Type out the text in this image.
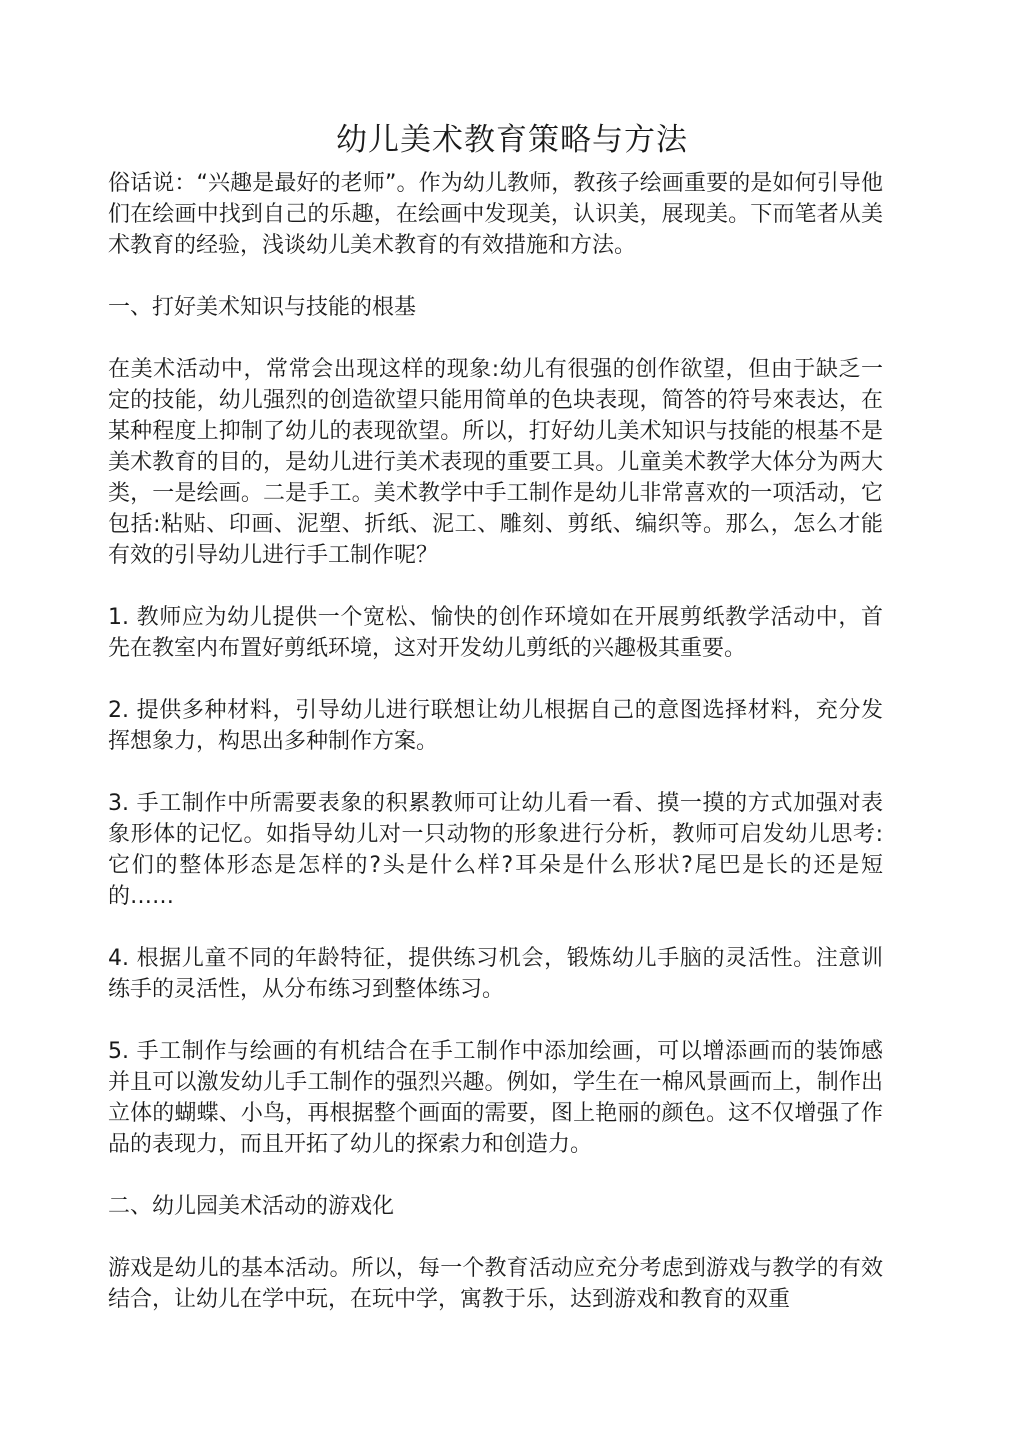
幼儿美术教育策略与方法

俗话说：“兴趣是最好的老师”。作为幼儿教师，教孩子绘画重要的是如何引导他们在绘画中找到自己的乐趣，在绘画中发现美，认识美，展现美。下而笔者从美术教育的经验，浅谈幼儿美术教育的有效措施和方法。

一、打好美术知识与技能的根基

在美术活动中，常常会出现这样的现象:幼儿有很强的创作欲望，但由于缺乏一定的技能，幼儿强烈的创造欲望只能用简单的色块表现，简答的符号來表达，在某种程度上抑制了幼儿的表现欲望。所以，打好幼儿美术知识与技能的根基不是美术教育的目的，是幼儿进行美术表现的重要工具。儿童美术教学大体分为两大类，一是绘画。二是手工。美术教学中手工制作是幼儿非常喜欢的一项活动，它包括:粘贴、印画、泥塑、折纸、泥工、雕刻、剪纸、编织等。那么，怎么才能有效的引导幼儿进行手工制作呢？

1. 教师应为幼儿提供一个宽松、愉快的创作环境如在开展剪纸教学活动中，首先在教室内布置好剪纸环境，这对开发幼儿剪纸的兴趣极其重要。

2. 提供多种材料，引导幼儿进行联想让幼儿根据自己的意图选择材料，充分发挥想象力，构思出多种制作方案。

3. 手工制作中所需要表象的积累教师可让幼儿看一看、摸一摸的方式加强对表象形体的记忆。如指导幼儿对一只动物的形象进行分析，教师可启发幼儿思考:它们的整体形态是怎样的?头是什么样?耳朵是什么形状?尾巴是长的还是短的……

4. 根据儿童不同的年龄特征，提供练习机会，锻炼幼儿手脑的灵活性。注意训练手的灵活性，从分布练习到整体练习。

5. 手工制作与绘画的有机结合在手工制作中添加绘画，可以增添画而的装饰感并且可以激发幼儿手工制作的强烈兴趣。例如，学生在一棉风景画而上，制作出立体的蝴蝶、小鸟，再根据整个画面的需要，图上艳丽的颜色。这不仅增强了作品的表现力，而且开拓了幼儿的探索力和创造力。

二、幼儿园美术活动的游戏化

游戏是幼儿的基本活动。所以，每一个教育活动应充分考虑到游戏与教学的有效结合，让幼儿在学中玩，在玩中学，寓教于乐，达到游戏和教育的双重
